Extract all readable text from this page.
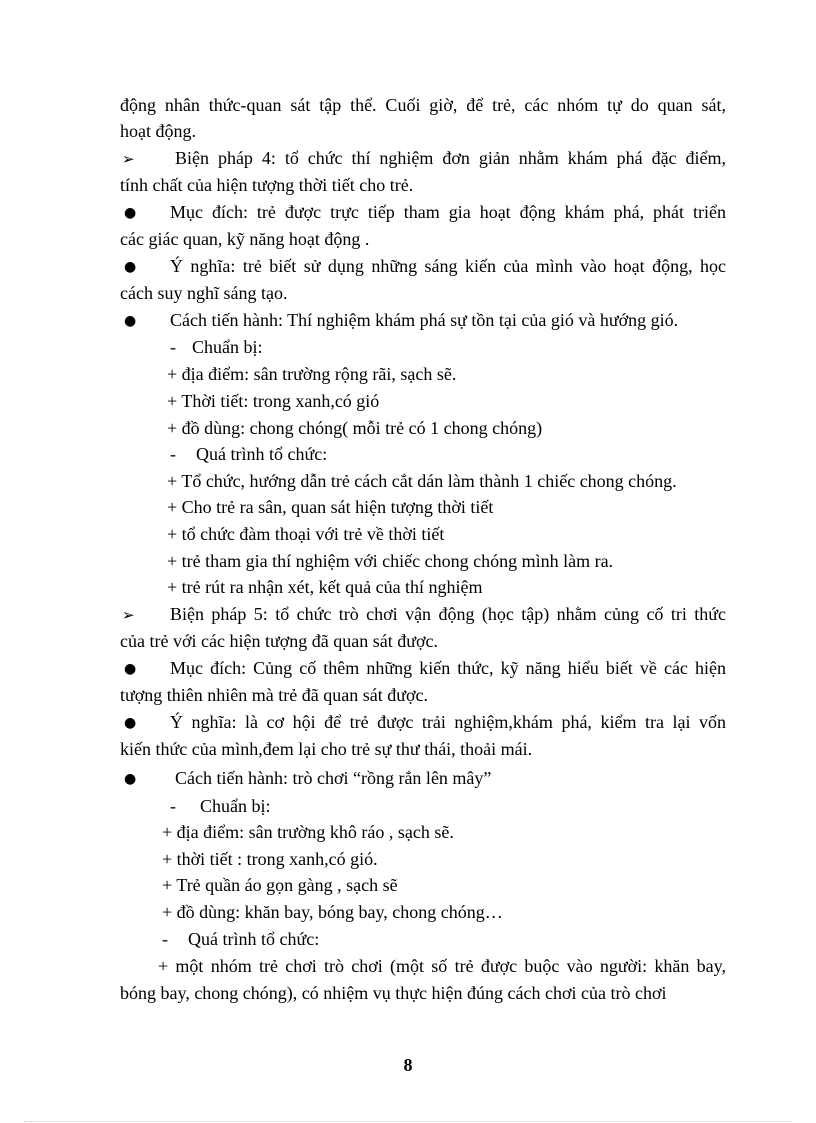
động nhân thức-quan sát tập thể. Cuối giờ, để trẻ, các nhóm tự do quan sát,
hoạt động.
➢ Biện pháp 4: tổ chức thí nghiệm đơn giản nhằm khám phá đặc điểm,
tính chất của hiện tượng thời tiết cho trẻ.
● Mục đích: trẻ được trực tiếp tham gia hoạt động khám phá, phát triển
các giác quan, kỹ năng hoạt động .
● Ý nghĩa: trẻ biết sử dụng những sáng kiến của mình vào hoạt động, học
cách suy nghĩ sáng tạo.
● Cách tiến hành: Thí nghiệm khám phá sự tồn tại của gió và hướng gió.
- Chuẩn bị:
+ địa điểm: sân trường rộng rãi, sạch sẽ.
+ Thời tiết: trong xanh,có gió
+ đồ dùng: chong chóng( mỗi trẻ có 1 chong chóng)
- Quá trình tổ chức:
+ Tổ chức, hướng dẫn trẻ cách cắt dán làm thành 1 chiếc chong chóng.
+ Cho trẻ ra sân, quan sát hiện tượng thời tiết
+ tổ chức đàm thoại với trẻ về thời tiết
+ trẻ tham gia thí nghiệm với chiếc chong chóng mình làm ra.
+ trẻ rút ra nhận xét, kết quả của thí nghiệm
➢ Biện pháp 5: tổ chức trò chơi vận động (học tập) nhằm củng cố tri thức
của trẻ với các hiện tượng đã quan sát được.
● Mục đích: Củng cố thêm những kiến thức, kỹ năng hiểu biết về các hiện
tượng thiên nhiên mà trẻ đã quan sát được.
● Ý nghĩa: là cơ hội để trẻ được trải nghiệm,khám phá, kiểm tra lại vốn
kiến thức của mình,đem lại cho trẻ sự thư thái, thoải mái.
● Cách tiến hành: trò chơi “rồng rắn lên mây”
- Chuẩn bị:
+ địa điểm: sân trường khô ráo , sạch sẽ.
+ thời tiết : trong xanh,có gió.
+ Trẻ quần áo gọn gàng , sạch sẽ
+ đồ dùng: khăn bay, bóng bay, chong chóng…
- Quá trình tổ chức:
+ một nhóm trẻ chơi trò chơi (một số trẻ được buộc vào người: khăn bay,
bóng bay, chong chóng), có nhiệm vụ thực hiện đúng cách chơi của trò chơi
8
